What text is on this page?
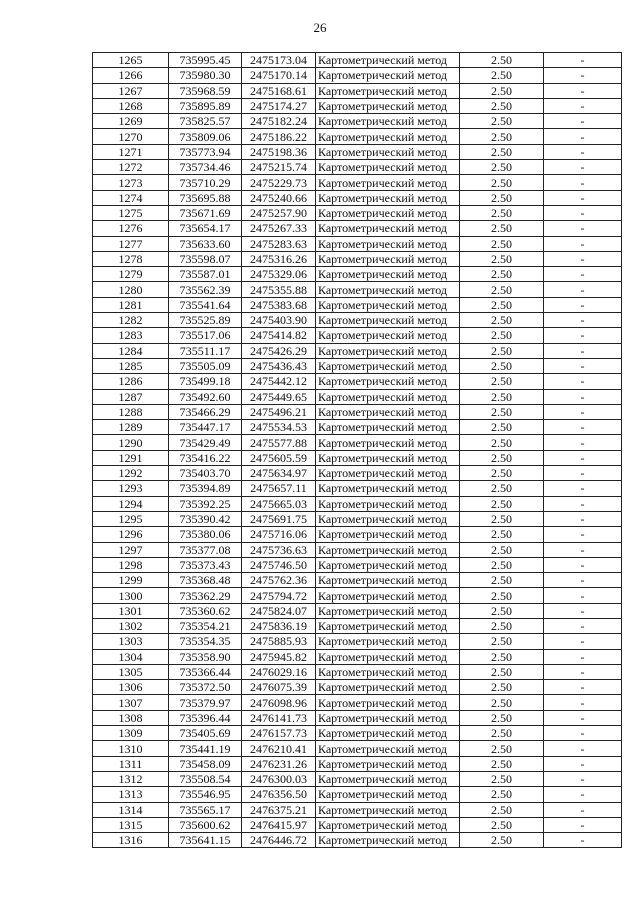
26
1265	735995.45	2475173.04	Картометрический метод	2.50	-
1266	735980.30	2475170.14	Картометрический метод	2.50	-
1267	735968.59	2475168.61	Картометрический метод	2.50	-
1268	735895.89	2475174.27	Картометрический метод	2.50	-
1269	735825.57	2475182.24	Картометрический метод	2.50	-
1270	735809.06	2475186.22	Картометрический метод	2.50	-
1271	735773.94	2475198.36	Картометрический метод	2.50	-
1272	735734.46	2475215.74	Картометрический метод	2.50	-
1273	735710.29	2475229.73	Картометрический метод	2.50	-
1274	735695.88	2475240.66	Картометрический метод	2.50	-
1275	735671.69	2475257.90	Картометрический метод	2.50	-
1276	735654.17	2475267.33	Картометрический метод	2.50	-
1277	735633.60	2475283.63	Картометрический метод	2.50	-
1278	735598.07	2475316.26	Картометрический метод	2.50	-
1279	735587.01	2475329.06	Картометрический метод	2.50	-
1280	735562.39	2475355.88	Картометрический метод	2.50	-
1281	735541.64	2475383.68	Картометрический метод	2.50	-
1282	735525.89	2475403.90	Картометрический метод	2.50	-
1283	735517.06	2475414.82	Картометрический метод	2.50	-
1284	735511.17	2475426.29	Картометрический метод	2.50	-
1285	735505.09	2475436.43	Картометрический метод	2.50	-
1286	735499.18	2475442.12	Картометрический метод	2.50	-
1287	735492.60	2475449.65	Картометрический метод	2.50	-
1288	735466.29	2475496.21	Картометрический метод	2.50	-
1289	735447.17	2475534.53	Картометрический метод	2.50	-
1290	735429.49	2475577.88	Картометрический метод	2.50	-
1291	735416.22	2475605.59	Картометрический метод	2.50	-
1292	735403.70	2475634.97	Картометрический метод	2.50	-
1293	735394.89	2475657.11	Картометрический метод	2.50	-
1294	735392.25	2475665.03	Картометрический метод	2.50	-
1295	735390.42	2475691.75	Картометрический метод	2.50	-
1296	735380.06	2475716.06	Картометрический метод	2.50	-
1297	735377.08	2475736.63	Картометрический метод	2.50	-
1298	735373.43	2475746.50	Картометрический метод	2.50	-
1299	735368.48	2475762.36	Картометрический метод	2.50	-
1300	735362.29	2475794.72	Картометрический метод	2.50	-
1301	735360.62	2475824.07	Картометрический метод	2.50	-
1302	735354.21	2475836.19	Картометрический метод	2.50	-
1303	735354.35	2475885.93	Картометрический метод	2.50	-
1304	735358.90	2475945.82	Картометрический метод	2.50	-
1305	735366.44	2476029.16	Картометрический метод	2.50	-
1306	735372.50	2476075.39	Картометрический метод	2.50	-
1307	735379.97	2476098.96	Картометрический метод	2.50	-
1308	735396.44	2476141.73	Картометрический метод	2.50	-
1309	735405.69	2476157.73	Картометрический метод	2.50	-
1310	735441.19	2476210.41	Картометрический метод	2.50	-
1311	735458.09	2476231.26	Картометрический метод	2.50	-
1312	735508.54	2476300.03	Картометрический метод	2.50	-
1313	735546.95	2476356.50	Картометрический метод	2.50	-
1314	735565.17	2476375.21	Картометрический метод	2.50	-
1315	735600.62	2476415.97	Картометрический метод	2.50	-
1316	735641.15	2476446.72	Картометрический метод	2.50	-
